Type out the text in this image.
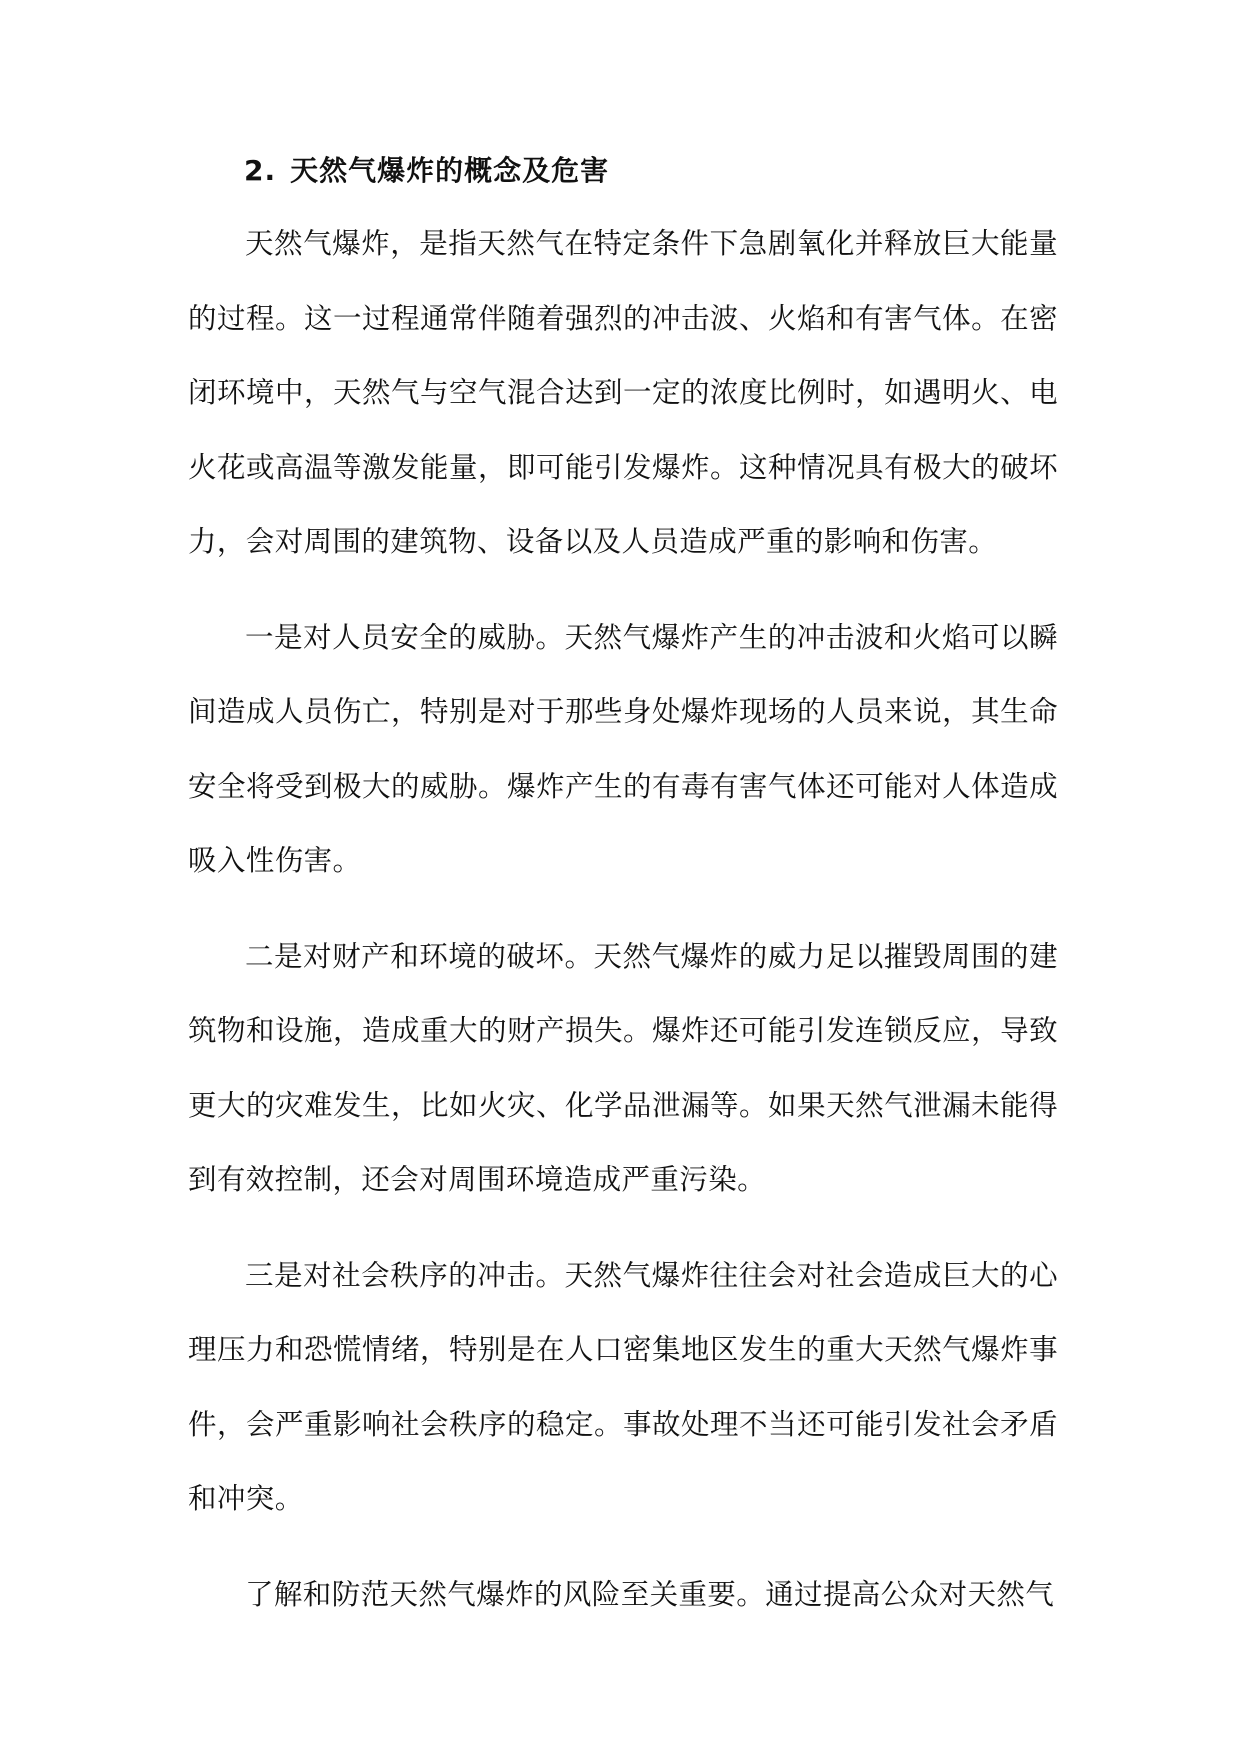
2. 天然气爆炸的概念及危害

天然气爆炸，是指天然气在特定条件下急剧氧化并释放巨大能量的过程。这一过程通常伴随着强烈的冲击波、火焰和有害气体。在密闭环境中，天然气与空气混合达到一定的浓度比例时，如遇明火、电火花或高温等激发能量，即可能引发爆炸。这种情况具有极大的破坏力，会对周围的建筑物、设备以及人员造成严重的影响和伤害。

一是对人员安全的威胁。天然气爆炸产生的冲击波和火焰可以瞬间造成人员伤亡，特别是对于那些身处爆炸现场的人员来说，其生命安全将受到极大的威胁。爆炸产生的有毒有害气体还可能对人体造成吸入性伤害。

二是对财产和环境的破坏。天然气爆炸的威力足以摧毁周围的建筑物和设施，造成重大的财产损失。爆炸还可能引发连锁反应，导致更大的灾难发生，比如火灾、化学品泄漏等。如果天然气泄漏未能得到有效控制，还会对周围环境造成严重污染。

三是对社会秩序的冲击。天然气爆炸往往会对社会造成巨大的心理压力和恐慌情绪，特别是在人口密集地区发生的重大天然气爆炸事件，会严重影响社会秩序的稳定。事故处理不当还可能引发社会矛盾和冲突。

了解和防范天然气爆炸的风险至关重要。通过提高公众对天然气
